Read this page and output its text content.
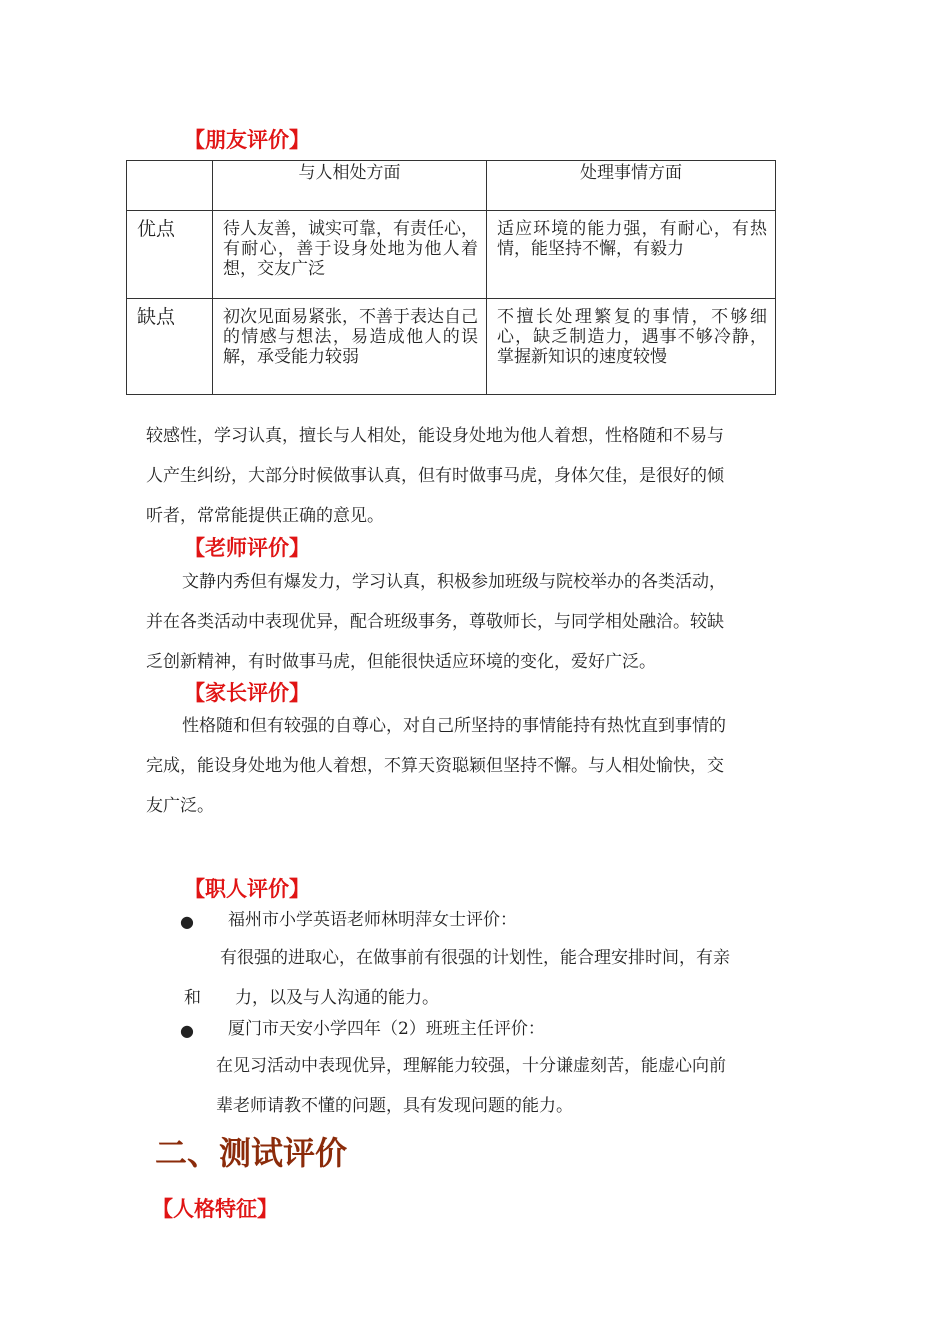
【朋友评价】
	与人相处方面	处理事情方面
优点	待人友善，诚实可靠，有责任心，有耐心，善于设身处地为他人着想，交友广泛	适应环境的能力强，有耐心，有热情，能坚持不懈，有毅力
缺点	初次见面易紧张，不善于表达自己的情感与想法，易造成他人的误解，承受能力较弱	不擅长处理繁复的事情，不够细心，缺乏制造力，遇事不够冷静，掌握新知识的速度较慢
较感性，学习认真，擅长与人相处，能设身处地为他人着想，性格随和不易与
人产生纠纷，大部分时候做事认真，但有时做事马虎，身体欠佳，是很好的倾
听者，常常能提供正确的意见。
【老师评价】
文静内秀但有爆发力，学习认真，积极参加班级与院校举办的各类活动，
并在各类活动中表现优异，配合班级事务，尊敬师长，与同学相处融洽。较缺
乏创新精神，有时做事马虎，但能很快适应环境的变化，爱好广泛。
【家长评价】
性格随和但有较强的自尊心，对自己所坚持的事情能持有热忱直到事情的
完成，能设身处地为他人着想，不算天资聪颖但坚持不懈。与人相处愉快，交
友广泛。
【职人评价】
● 福州市小学英语老师林明萍女士评价：
有很强的进取心，在做事前有很强的计划性，能合理安排时间，有亲
和　　力，以及与人沟通的能力。
● 厦门市天安小学四年（2）班班主任评价：
在见习活动中表现优异，理解能力较强，十分谦虚刻苦，能虚心向前
辈老师请教不懂的问题，具有发现问题的能力。
二、测试评价
【人格特征】
